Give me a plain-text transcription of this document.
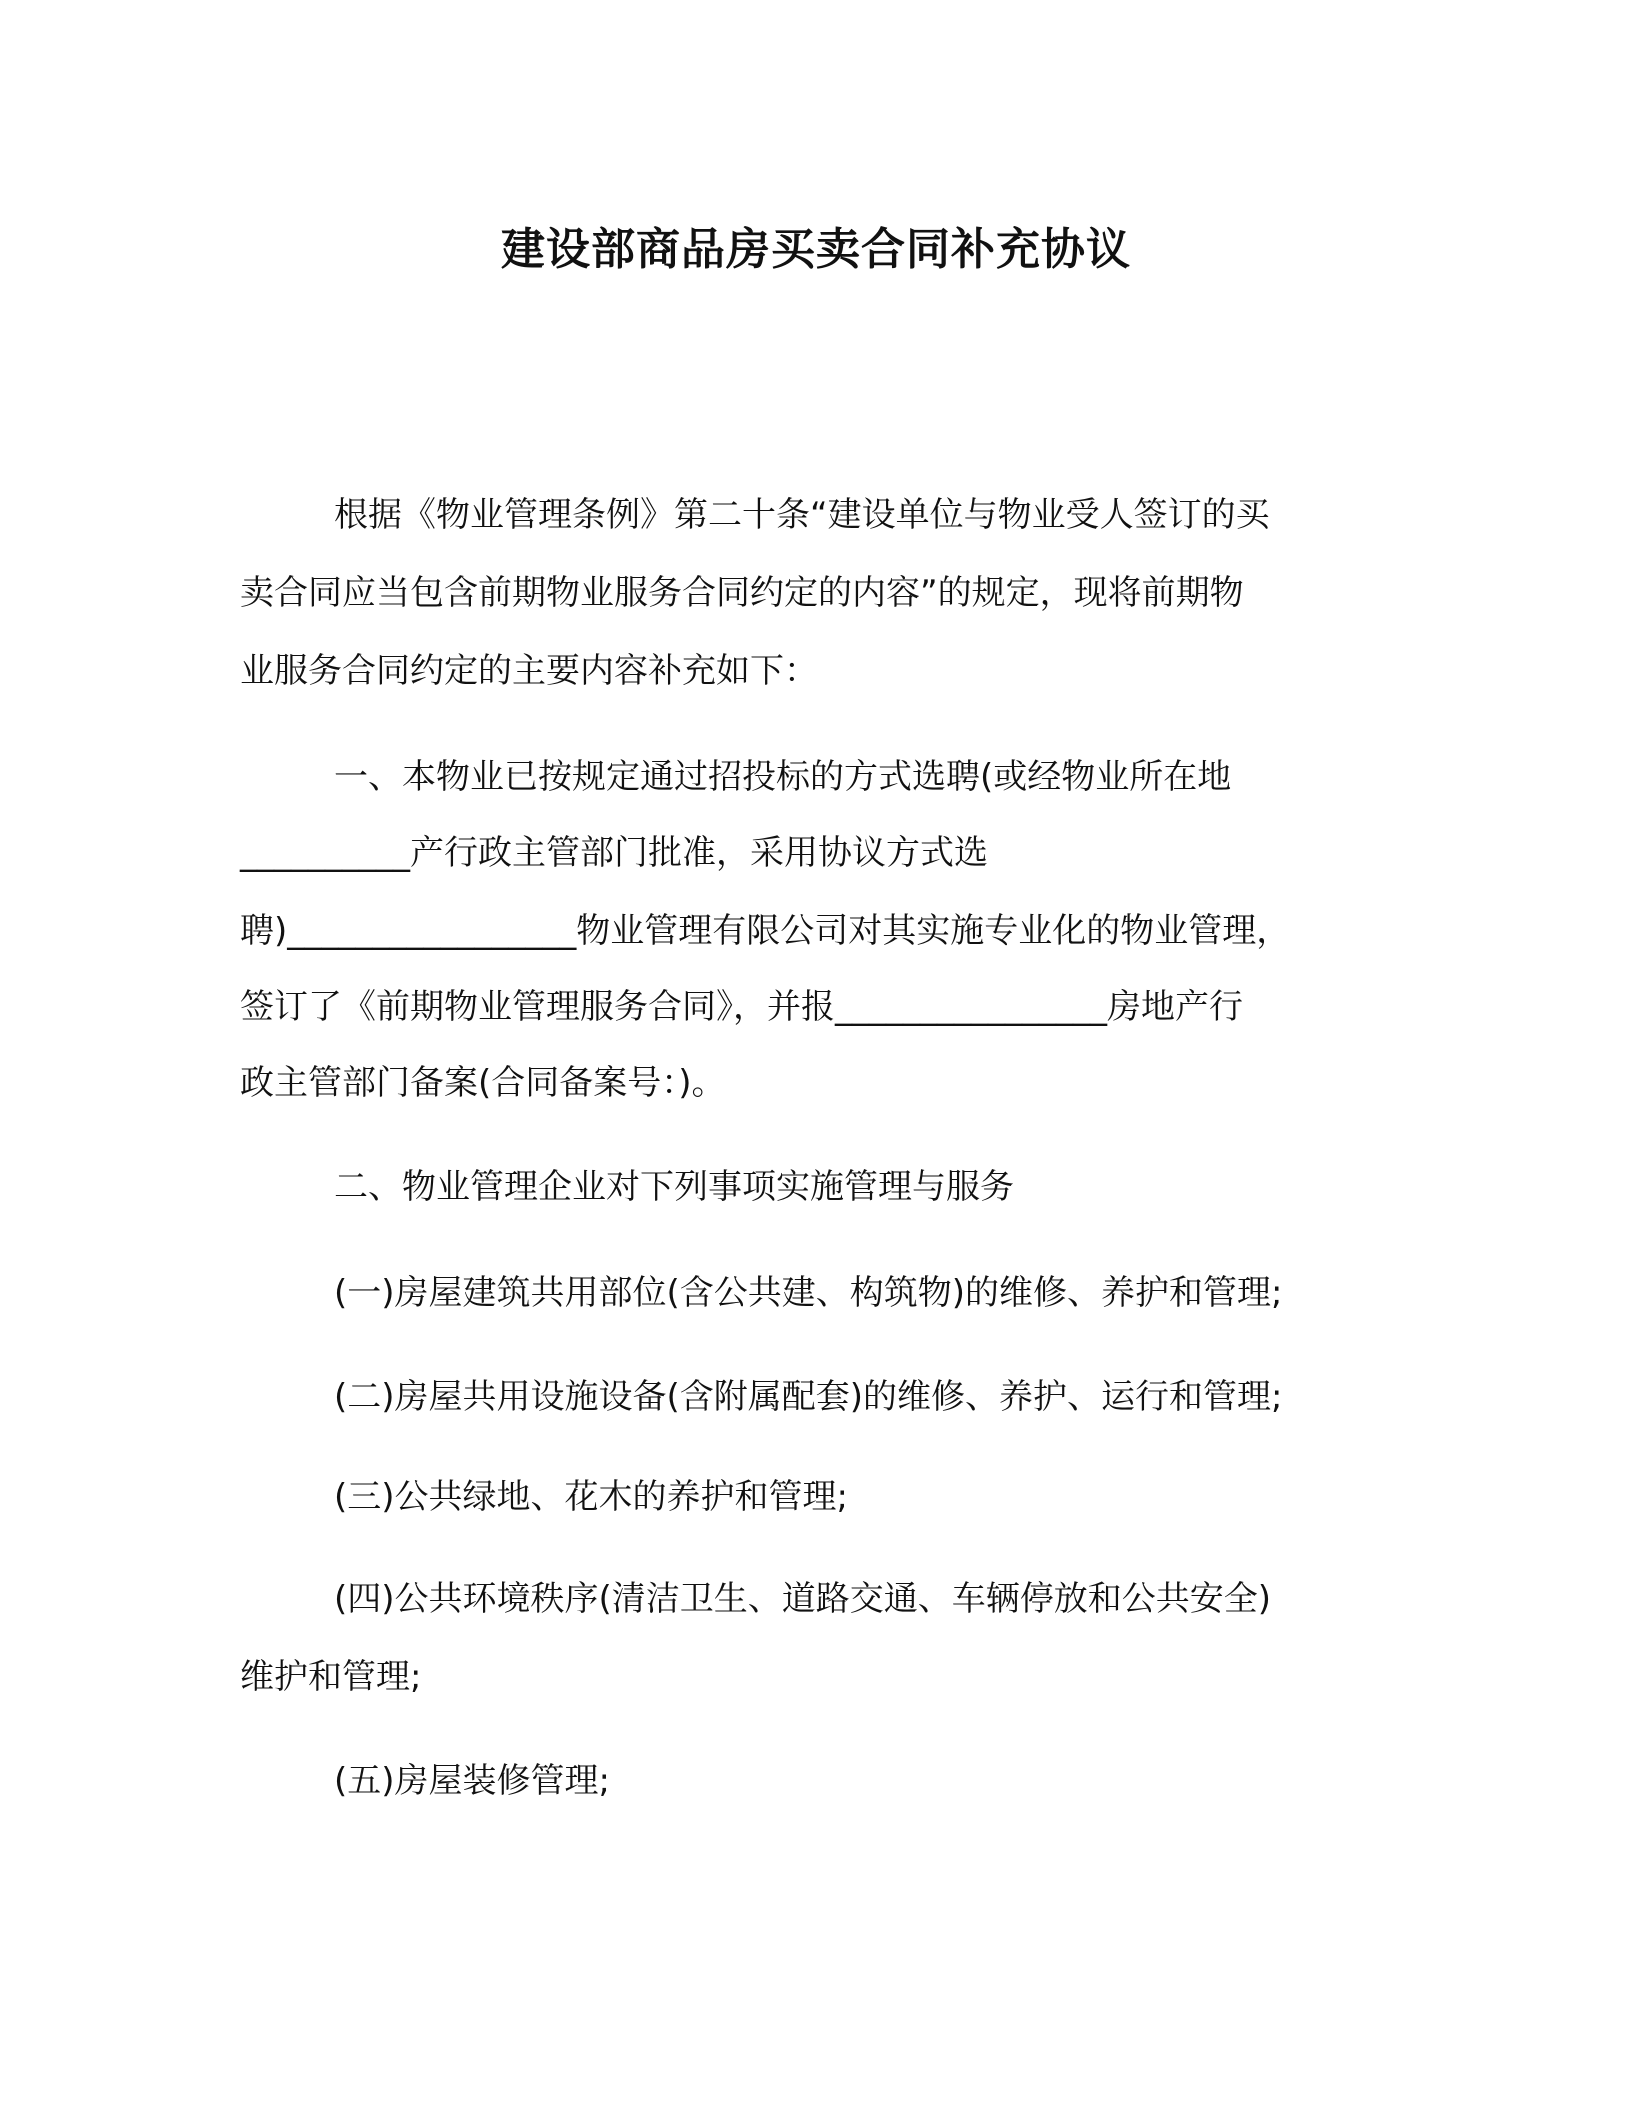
建设部商品房买卖合同补充协议
根据《物业管理条例》第二十条“建设单位与物业受人签订的买
卖合同应当包含前期物业服务合同约定的内容”的规定，现将前期物
业服务合同约定的主要内容补充如下：
一、本物业已按规定通过招投标的方式选聘(或经物业所在地
__________产行政主管部门批准，采用协议方式选
聘)_________________物业管理有限公司对其实施专业化的物业管理，
签订了《前期物业管理服务合同》，并报________________房地产行
政主管部门备案(合同备案号：)。
二、物业管理企业对下列事项实施管理与服务
(一)房屋建筑共用部位(含公共建、构筑物)的维修、养护和管理;
(二)房屋共用设施设备(含附属配套)的维修、养护、运行和管理;
(三)公共绿地、花木的养护和管理;
(四)公共环境秩序(清洁卫生、道路交通、车辆停放和公共安全)
维护和管理;
(五)房屋装修管理;
